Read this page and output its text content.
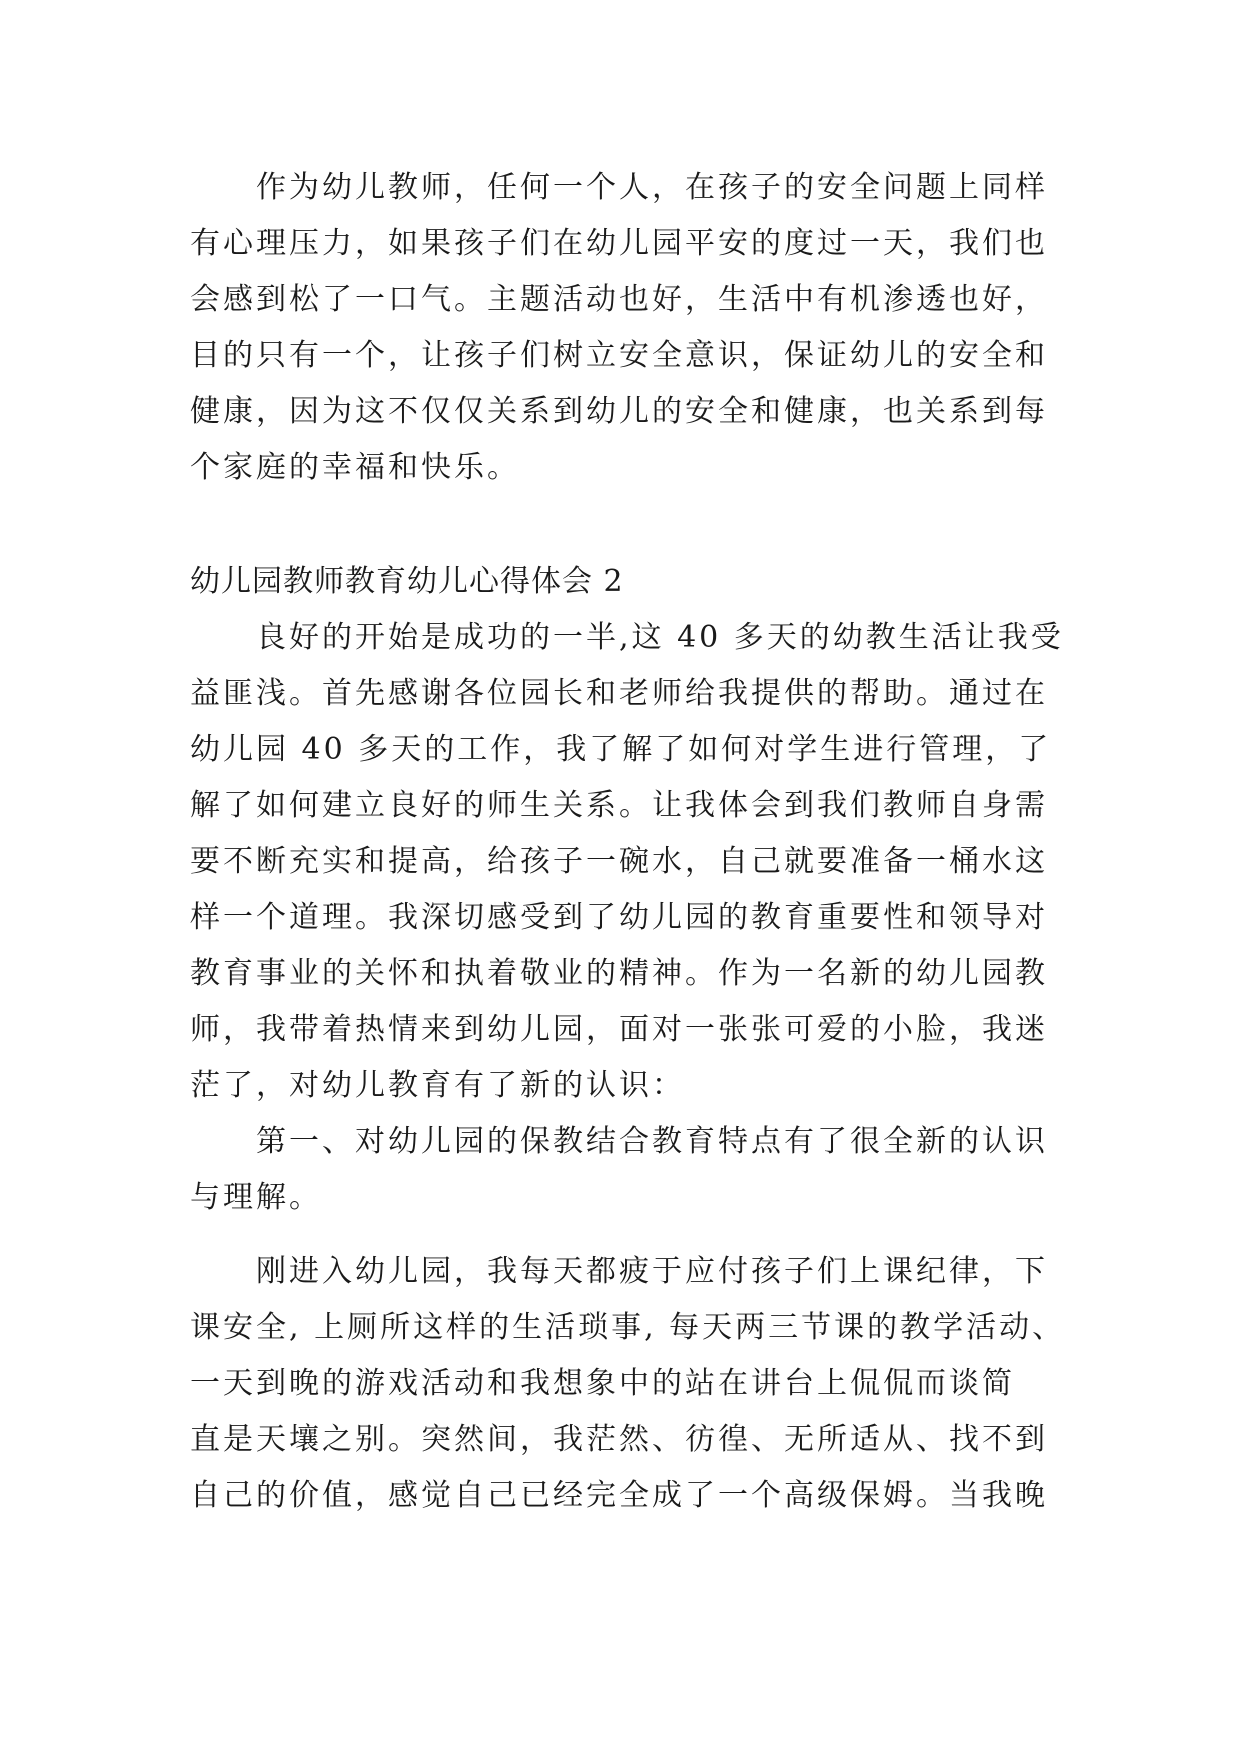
作为幼儿教师，任何一个人，在孩子的安全问题上同样
有心理压力，如果孩子们在幼儿园平安的度过一天，我们也
会感到松了一口气。主题活动也好，生活中有机渗透也好，
目的只有一个，让孩子们树立安全意识，保证幼儿的安全和
健康，因为这不仅仅关系到幼儿的安全和健康，也关系到每
个家庭的幸福和快乐。
幼儿园教师教育幼儿心得体会 2
良好的开始是成功的一半,这 40 多天的幼教生活让我受
益匪浅。首先感谢各位园长和老师给我提供的帮助。通过在
幼儿园 40 多天的工作，我了解了如何对学生进行管理，了
解了如何建立良好的师生关系。让我体会到我们教师自身需
要不断充实和提高，给孩子一碗水，自己就要准备一桶水这
样一个道理。我深切感受到了幼儿园的教育重要性和领导对
教育事业的关怀和执着敬业的精神。作为一名新的幼儿园教
师，我带着热情来到幼儿园，面对一张张可爱的小脸，我迷
茫了，对幼儿教育有了新的认识：
第一、对幼儿园的保教结合教育特点有了很全新的认识
与理解。
刚进入幼儿园，我每天都疲于应付孩子们上课纪律，下
课安全, 上厕所这样的生活琐事, 每天两三节课的教学活动、
一天到晚的游戏活动和我想象中的站在讲台上侃侃而谈简
直是天壤之别。突然间，我茫然、彷徨、无所适从、找不到
自己的价值，感觉自己已经完全成了一个高级保姆。当我晚
